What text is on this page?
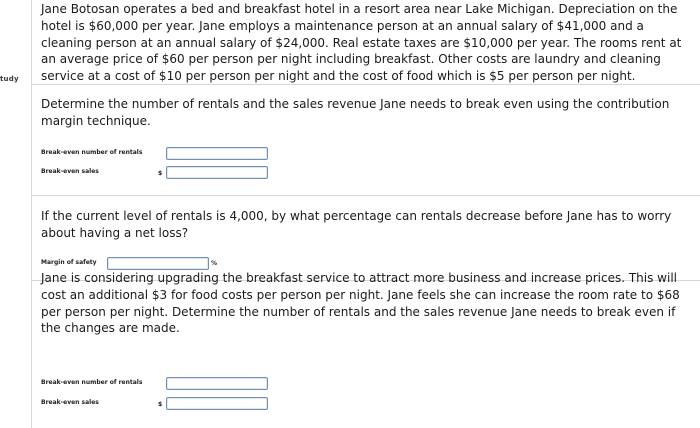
tudy
Jane Botosan operates a bed and breakfast hotel in a resort area near Lake Michigan. Depreciation on the hotel is $60,000 per year. Jane employs a maintenance person at an annual salary of $41,000 and a cleaning person at an annual salary of $24,000. Real estate taxes are $10,000 per year. The rooms rent at an average price of $60 per person per night including breakfast. Other costs are laundry and cleaning service at a cost of $10 per person per night and the cost of food which is $5 per person per night.
Determine the number of rentals and the sales revenue Jane needs to break even using the contribution margin technique.
Break-even number of rentals
Break-even sales	$
If the current level of rentals is 4,000, by what percentage can rentals decrease before Jane has to worry about having a net loss?
Margin of safety	%
Jane is considering upgrading the breakfast service to attract more business and increase prices. This will cost an additional $3 for food costs per person per night. Jane feels she can increase the room rate to $68 per person per night. Determine the number of rentals and the sales revenue Jane needs to break even if the changes are made.
Break-even number of rentals
Break-even sales	$
